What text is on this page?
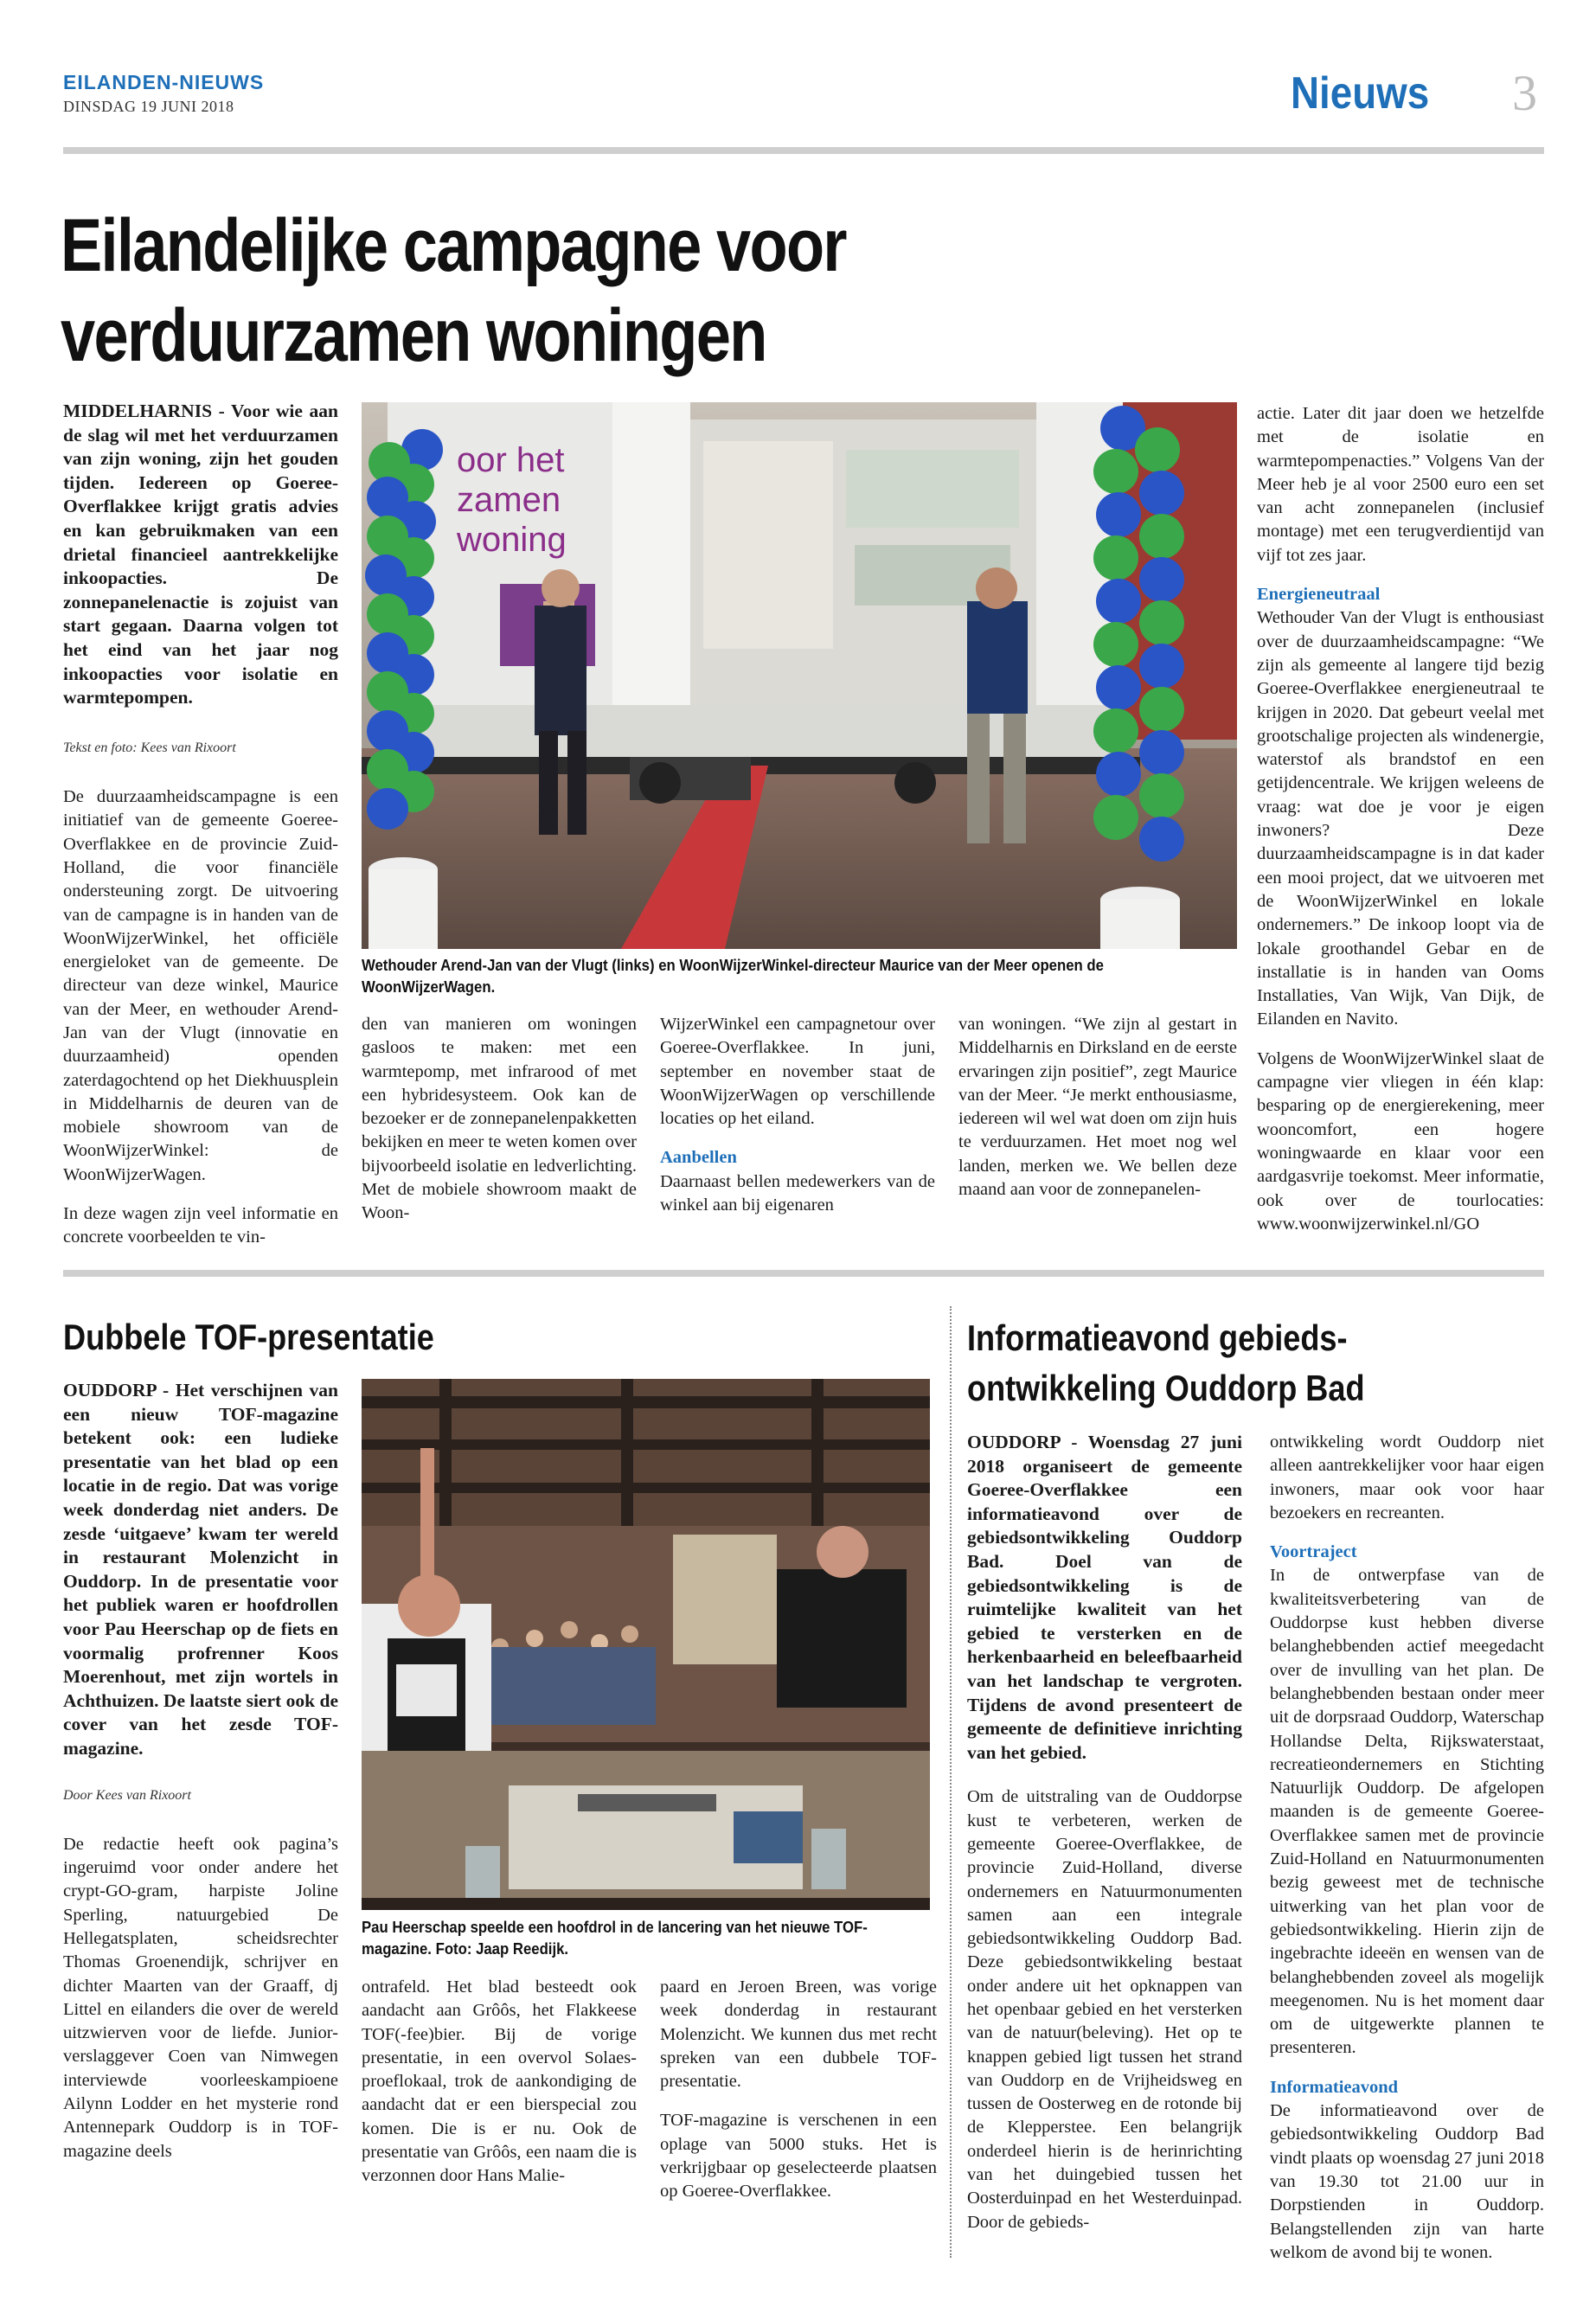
EILANDEN-NIEUWS
DINSDAG 19 JUNI 2018	Nieuws 3
Eilandelijke campagne voor
verduurzamen woningen
MIDDELHARNIS - Voor wie aan de slag wil met het verduurzamen van zijn woning, zijn het gouden tijden. Iedereen op Goeree-Overflakkee krijgt gratis advies en kan gebruikmaken van een drietal financieel aantrekkelijke inkoopacties. De zonnepanelenactie is zojuist van start gegaan. Daarna volgen tot het eind van het jaar nog inkoopacties voor isolatie en warmtepompen.
Tekst en foto: Kees van Rixoort

De duurzaamheidscampagne is een initiatief van de gemeente Goeree-Overflakkee en de provincie Zuid-Holland, die voor financiële ondersteuning zorgt. De uitvoering van de campagne is in handen van de WoonWijzerWinkel, het officiële energieloket van de gemeente. De directeur van deze winkel, Maurice van der Meer, en wethouder Arend-Jan van der Vlugt (innovatie en duurzaamheid) openden zaterdagochtend op het Diekhuusplein in Middelharnis de deuren van de mobiele showroom van de WoonWijzerWinkel: de WoonWijzerWagen.

In deze wagen zijn veel informatie en concrete voorbeelden te vin-

oor het zamen woning
Wethouder Arend-Jan van der Vlugt (links) en WoonWijzerWinkel-directeur Maurice van der Meer openen de WoonWijzerWagen.

den van manieren om woningen gasloos te maken: met een warmtepomp, met infrarood of met een hybridesysteem. Ook kan de bezoeker er de zonnepanelenpakketten bekijken en meer te weten komen over bijvoorbeeld isolatie en ledverlichting. Met de mobiele showroom maakt de Woon-

WijzerWinkel een campagnetour over Goeree-Overflakkee. In juni, september en november staat de WoonWijzerWagen op verschillende locaties op het eiland.

Aanbellen
Daarnaast bellen medewerkers van de winkel aan bij eigenaren

van woningen. “We zijn al gestart in Middelharnis en Dirksland en de eerste ervaringen zijn positief”, zegt Maurice van der Meer. “Je merkt enthousiasme, iedereen wil wel wat doen om zijn huis te verduurzamen. Het moet nog wel landen, merken we. We bellen deze maand aan voor de zonnepanelen-

actie. Later dit jaar doen we hetzelfde met de isolatie en warmtepompenacties.” Volgens Van der Meer heb je al voor 2500 euro een set van acht zonnepanelen (inclusief montage) met een terugverdientijd van vijf tot zes jaar.

Energieneutraal
Wethouder Van der Vlugt is enthousiast over de duurzaamheidscampagne: “We zijn als gemeente al langere tijd bezig Goeree-Overflakkee energieneutraal te krijgen in 2020. Dat gebeurt veelal met grootschalige projecten als windenergie, waterstof als brandstof en een getijdencentrale. We krijgen weleens de vraag: wat doe je voor je eigen inwoners? Deze duurzaamheidscampagne is in dat kader een mooi project, dat we uitvoeren met de WoonWijzerWinkel en lokale ondernemers.” De inkoop loopt via de lokale groothandel Gebar en de installatie is in handen van Ooms Installaties, Van Wijk, Van Dijk, de Eilanden en Navito.

Volgens de WoonWijzerWinkel slaat de campagne vier vliegen in één klap: besparing op de energierekening, meer wooncomfort, een hogere woningwaarde en klaar voor een aardgasvrije toekomst. Meer informatie, ook over de tourlocaties: www.woonwijzerwinkel.nl/GO

Dubbele TOF-presentatie
OUDDORP - Het verschijnen van een nieuw TOF-magazine betekent ook: een ludieke presentatie van het blad op een locatie in de regio. Dat was vorige week donderdag niet anders. De zesde ‘uitgaeve’ kwam ter wereld in restaurant Molenzicht in Ouddorp. In de presentatie voor het publiek waren er hoofdrollen voor Pau Heerschap op de fiets en voormalig profrenner Koos Moerenhout, met zijn wortels in Achthuizen. De laatste siert ook de cover van het zesde TOF-magazine.
Door Kees van Rixoort

De redactie heeft ook pagina’s ingeruimd voor onder andere het crypt-GO-gram, harpiste Joline Sperling, natuurgebied De Hellegatsplaten, scheidsrechter Thomas Groenendijk, schrijver en dichter Maarten van der Graaff, dj Littel en eilanders die over de wereld uitzwierven voor de liefde. Junior-verslaggever Coen van Nimwegen interviewde voorleeskampioene Ailynn Lodder en het mysterie rond Antennepark Ouddorp is in TOF-magazine deels

Pau Heerschap speelde een hoofdrol in de lancering van het nieuwe TOF-magazine. Foto: Jaap Reedijk.

ontrafeld. Het blad besteedt ook aandacht aan Grôôs, het Flakkeese TOF(-fee)bier. Bij de vorige presentatie, in een overvol Solaes-proeflokaal, trok de aankondiging de aandacht dat er een bierspecial zou komen. Die is er nu. Ook de presentatie van Grôôs, een naam die is verzonnen door Hans Malie-

paard en Jeroen Breen, was vorige week donderdag in restaurant Molenzicht. We kunnen dus met recht spreken van een dubbele TOF-presentatie.

TOF-magazine is verschenen in een oplage van 5000 stuks. Het is verkrijgbaar op geselecteerde plaatsen op Goeree-Overflakkee.

Informatieavond gebieds-
ontwikkeling Ouddorp Bad
OUDDORP - Woensdag 27 juni 2018 organiseert de gemeente Goeree-Overflakkee een informatieavond over de gebiedsontwikkeling Ouddorp Bad. Doel van de gebiedsontwikkeling is de ruimtelijke kwaliteit van het gebied te versterken en de herkenbaarheid en beleefbaarheid van het landschap te vergroten. Tijdens de avond presenteert de gemeente de definitieve inrichting van het gebied.

Om de uitstraling van de Ouddorpse kust te verbeteren, werken de gemeente Goeree-Overflakkee, de provincie Zuid-Holland, diverse ondernemers en Natuurmonumenten samen aan een integrale gebiedsontwikkeling Ouddorp Bad. Deze gebiedsontwikkeling bestaat onder andere uit het opknappen van het openbaar gebied en het versterken van de natuur(beleving). Het op te knappen gebied ligt tussen het strand van Ouddorp en de Vrijheidsweg en tussen de Oosterweg en de rotonde bij de Klepperstee. Een belangrijk onderdeel hierin is de herinrichting van het duingebied tussen het Oosterduinpad en het Westerduinpad. Door de gebieds-

ontwikkeling wordt Ouddorp niet alleen aantrekkelijker voor haar eigen inwoners, maar ook voor haar bezoekers en recreanten.

Voortraject
In de ontwerpfase van de kwaliteitsverbetering van de Ouddorpse kust hebben diverse belanghebbenden actief meegedacht over de invulling van het plan. De belanghebbenden bestaan onder meer uit de dorpsraad Ouddorp, Waterschap Hollandse Delta, Rijkswaterstaat, recreatieondernemers en Stichting Natuurlijk Ouddorp. De afgelopen maanden is de gemeente Goeree-Overflakkee samen met de provincie Zuid-Holland en Natuurmonumenten bezig geweest met de technische uitwerking van het plan voor de gebiedsontwikkeling. Hierin zijn de ingebrachte ideeën en wensen van de belanghebbenden zoveel als mogelijk meegenomen. Nu is het moment daar om de uitgewerkte plannen te presenteren.

Informatieavond
De informatieavond over de gebiedsontwikkeling Ouddorp Bad vindt plaats op woensdag 27 juni 2018 van 19.30 tot 21.00 uur in Dorpstienden in Ouddorp. Belangstellenden zijn van harte welkom de avond bij te wonen.
